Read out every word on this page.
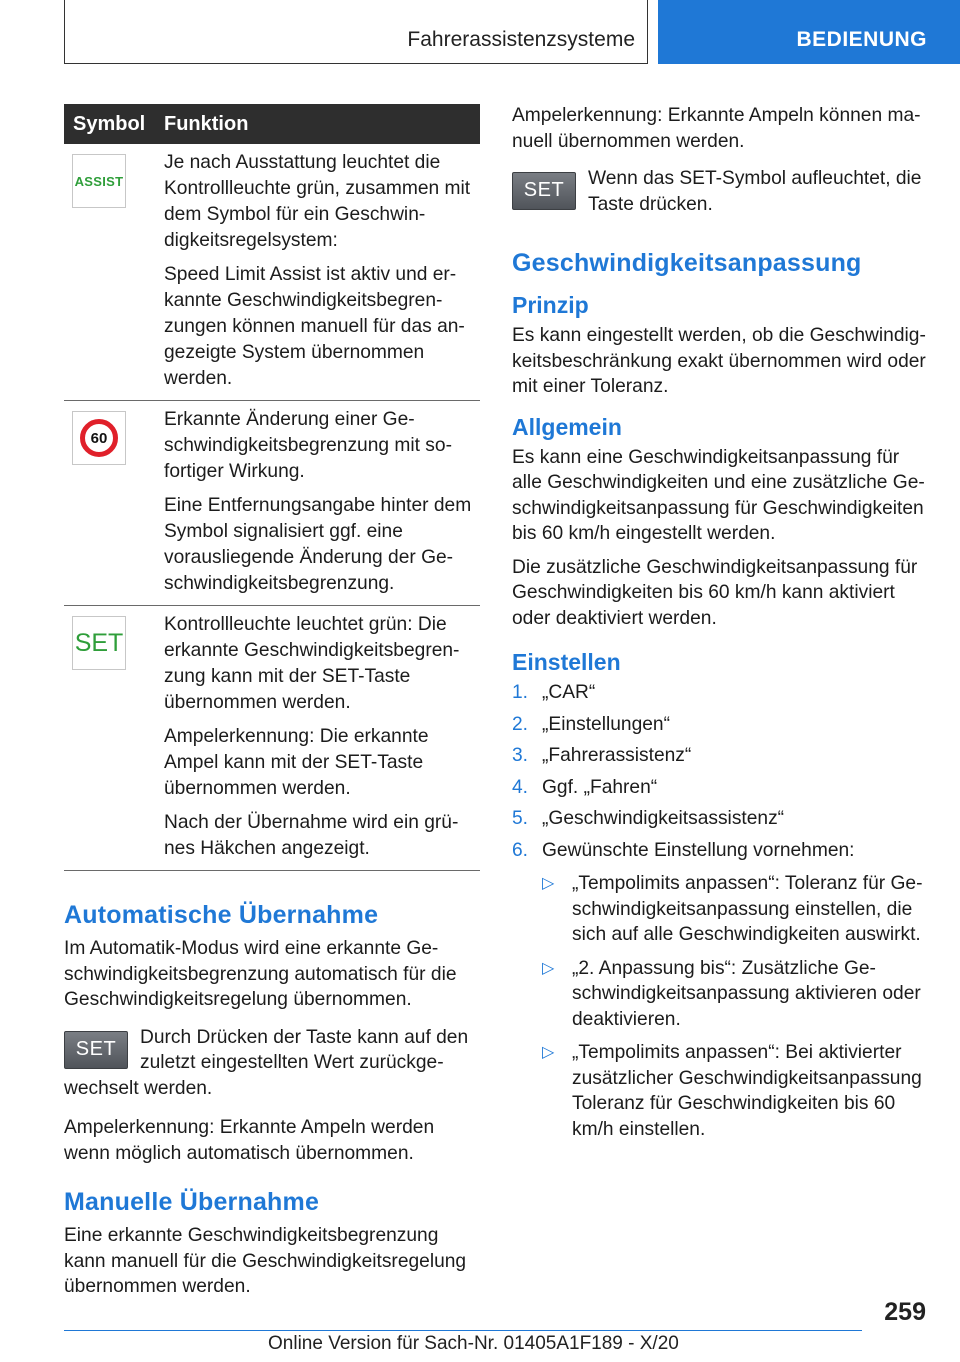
Fahrerassistenzsysteme	BEDIENUNG
Symbol	Funktion

ASSIST	Je nach Ausstattung leuchtet die Kontrollleuchte grün, zusammen mit dem Symbol für ein Geschwin-digkeitsregelsystem:

Speed Limit Assist ist aktiv und er-kannte Geschwindigkeitsbegren-zungen können manuell für das an-gezeigte System übernommen werden.

60	Erkannte Änderung einer Ge-schwindigkeitsbegrenzung mit so-fortiger Wirkung.

Eine Entfernungsangabe hinter dem Symbol signalisiert ggf. eine vorausliegende Änderung der Ge-schwindigkeitsbegrenzung.

SET	Kontrollleuchte leuchtet grün: Die erkannte Geschwindigkeitsbegren-zung kann mit der SET-Taste übernommen werden.

Ampelerkennung: Die erkannte Ampel kann mit der SET-Taste übernommen werden.

Nach der Übernahme wird ein grü-nes Häkchen angezeigt.

Automatische Übernahme

Im Automatik-Modus wird eine erkannte Ge-schwindigkeitsbegrenzung automatisch für die Geschwindigkeitsregelung übernommen.

SET
Durch Drücken der Taste kann auf den zuletzt eingestellten Wert zurückge-wechselt werden.

Ampelerkennung: Erkannte Ampeln werden wenn möglich automatisch übernommen.

Manuelle Übernahme

Eine erkannte Geschwindigkeitsbegrenzung kann manuell für die Geschwindigkeitsregelung übernommen werden.

Ampelerkennung: Erkannte Ampeln können ma-nuell übernommen werden.

SET
Wenn das SET-Symbol aufleuchtet, die Taste drücken.

Geschwindigkeitsanpassung
Prinzip

Es kann eingestellt werden, ob die Geschwindig-keitsbeschränkung exakt übernommen wird oder mit einer Toleranz.

Allgemein

Es kann eine Geschwindigkeitsanpassung für alle Geschwindigkeiten und eine zusätzliche Ge-schwindigkeitsanpassung für Geschwindigkeiten bis 60 km/h eingestellt werden.

Die zusätzliche Geschwindigkeitsanpassung für Geschwindigkeiten bis 60 km/h kann aktiviert oder deaktiviert werden.

Einstellen
1. „CAR“
2. „Einstellungen“
3. „Fahrerassistenz“
4. Ggf. „Fahren“
5. „Geschwindigkeitsassistenz“
6. Gewünschte Einstellung vornehmen:
▷ „Tempolimits anpassen“: Toleranz für Ge-schwindigkeitsanpassung einstellen, die sich auf alle Geschwindigkeiten auswirkt.
▷ „2. Anpassung bis“: Zusätzliche Ge-schwindigkeitsanpassung aktivieren oder deaktivieren.
▷ „Tempolimits anpassen“: Bei aktivierter zusätzlicher Geschwindigkeitsanpassung Toleranz für Geschwindigkeiten bis 60 km/h einstellen.
259
Online Version für Sach-Nr. 01405A1F189 - X/20
